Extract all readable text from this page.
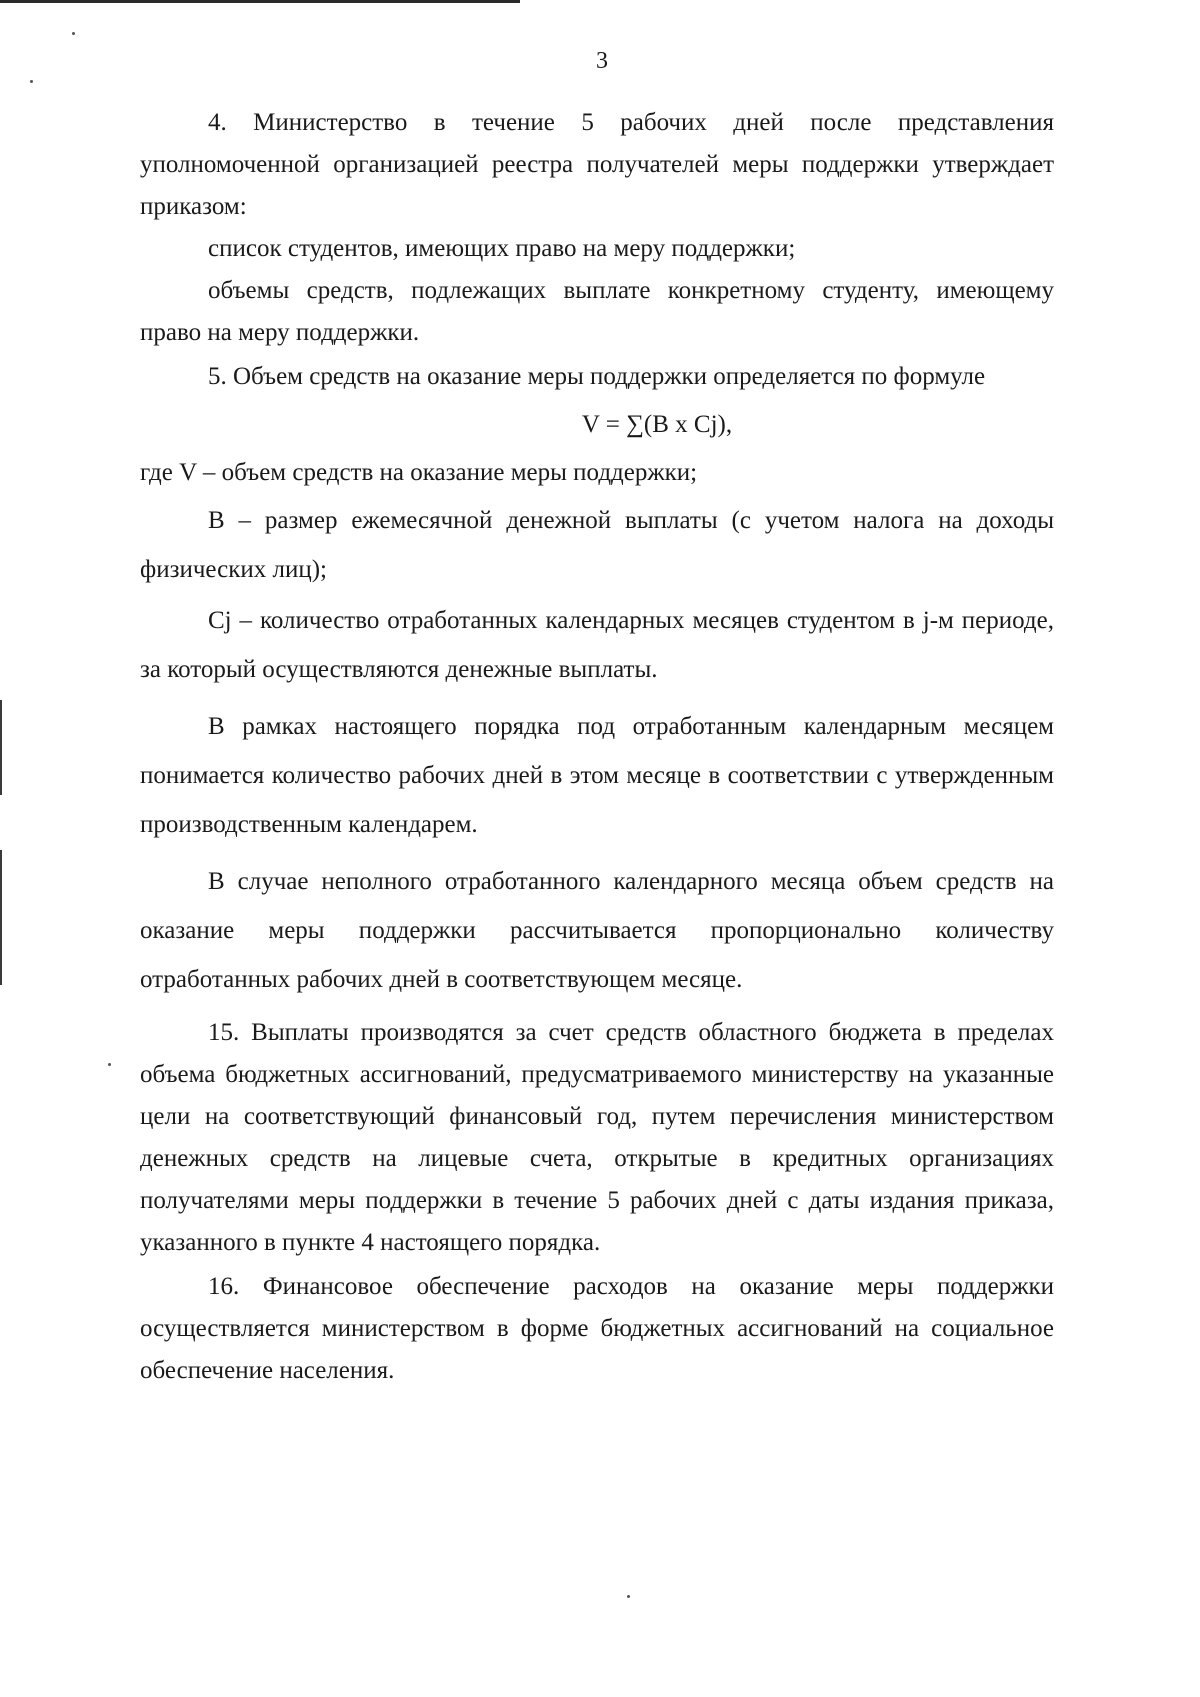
3

4. Министерство в течение 5 рабочих дней после представления уполномоченной организацией реестра получателей меры поддержки утверждает приказом:

список студентов, имеющих право на меру поддержки;

объемы средств, подлежащих выплате конкретному студенту, имеющему право на меру поддержки.

5. Объем средств на оказание меры поддержки определяется по формуле

V = ∑(B x Cj),

где V – объем средств на оказание меры поддержки;

B – размер ежемесячной денежной выплаты (с учетом налога на доходы физических лиц);

Cj – количество отработанных календарных месяцев студентом в j-м периоде, за который осуществляются денежные выплаты.

В рамках настоящего порядка под отработанным календарным месяцем понимается количество рабочих дней в этом месяце в соответствии с утвержденным производственным календарем.

В случае неполного отработанного календарного месяца объем средств на оказание меры поддержки рассчитывается пропорционально количеству отработанных рабочих дней в соответствующем месяце.

15. Выплаты производятся за счет средств областного бюджета в пределах объема бюджетных ассигнований, предусматриваемого министерству на указанные цели на соответствующий финансовый год, путем перечисления министерством денежных средств на лицевые счета, открытые в кредитных организациях получателями меры поддержки в течение 5 рабочих дней с даты издания приказа, указанного в пункте 4 настоящего порядка.

16. Финансовое обеспечение расходов на оказание меры поддержки осуществляется министерством в форме бюджетных ассигнований на социальное обеспечение населения.
